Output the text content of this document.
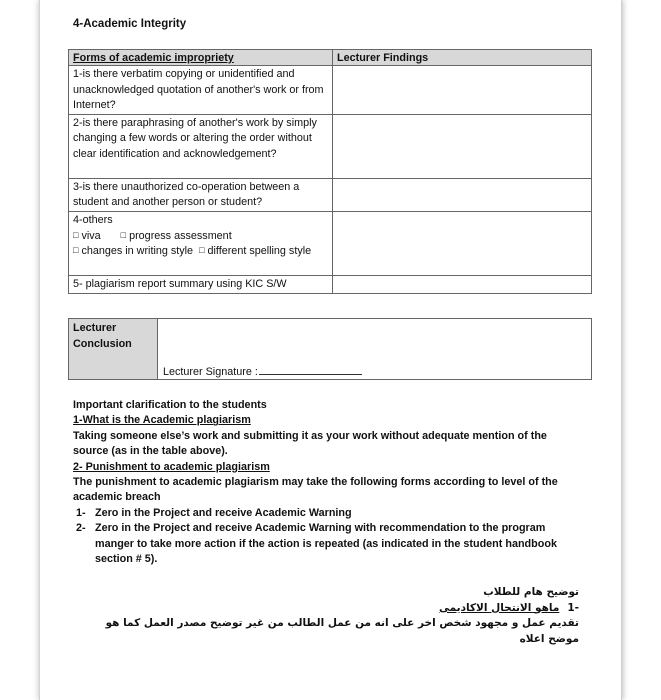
4-Academic Integrity
Forms of academic impropriety	Lecturer Findings
1-is there verbatim copying or unidentified and unacknowledged quotation of another's work or from Internet?	
2-is there paraphrasing of another's work by simply changing a few words or altering the order without clear identification and acknowledgement?	
3-is there unauthorized co-operation between a student and another person or student?	

4-others
□ viva □ progress assessment
□ changes in writing style □ different spelling style	

5- plagiarism report summary using KIC S/W	
Lecturer Conclusion	
Lecturer Signature :

Important clarification to the students

1-What is the Academic plagiarism

Taking someone else’s work and submitting it as your work without adequate mention of the source (as in the table above).

2- Punishment to academic plagiarism

The punishment to academic plagiarism may take the following forms according to level of the academic breach

1- Zero in the Project and receive Academic Warning
2- Zero in the Project and receive Academic Warning with recommendation to the program manger to take more action if the action is repeated (as indicated in the student handbook section # 5).

توضيح هام للطلاب

-1ماهو الانتحال الاكاديمى

تقديم عمل و مجهود شخص اخر على انه من عمل الطالب من غير توضيح مصدر العمل كما هو موضح اعلاه
